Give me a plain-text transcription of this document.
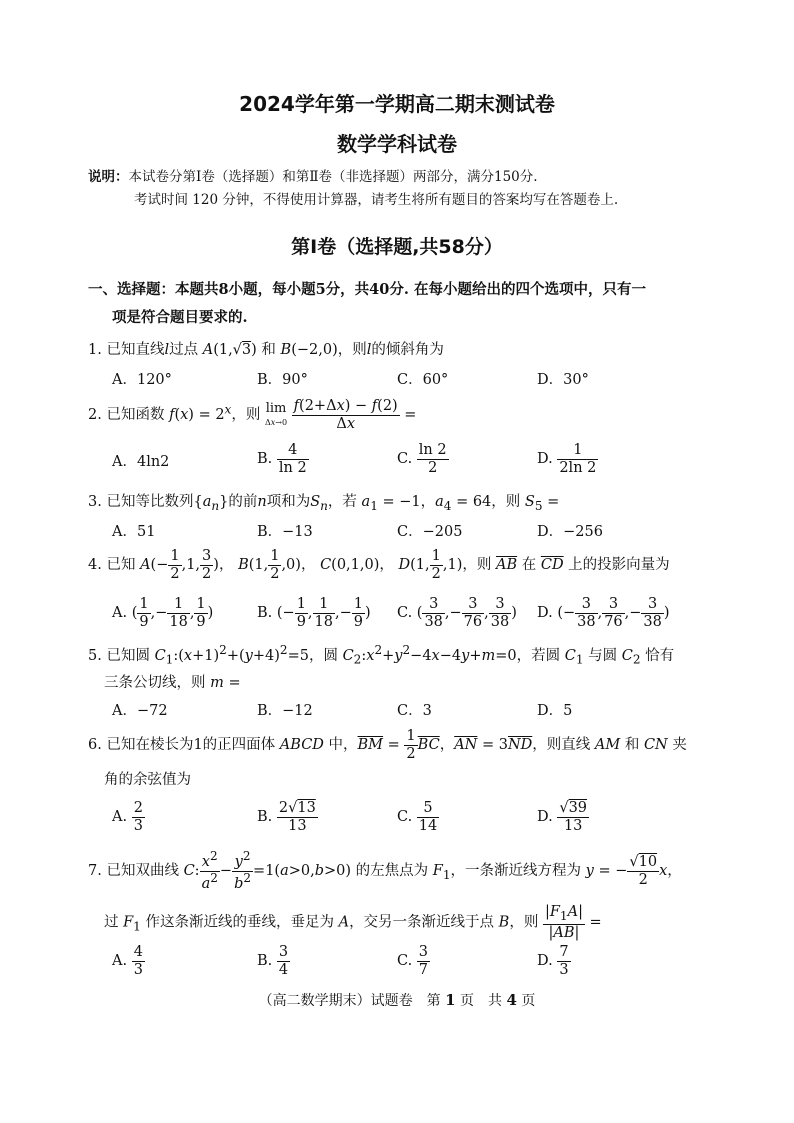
2024学年第一学期高二期末测试卷
数学学科试卷
说明：本试卷分第Ⅰ卷（选择题）和第Ⅱ卷（非选择题）两部分，满分150分.
考试时间 120 分钟，不得使用计算器，请考生将所有题目的答案均写在答题卷上.
第Ⅰ卷（选择题,共58分）
一、选择题：本题共8小题，每小题5分，共40分. 在每小题给出的四个选项中，只有一
项是符合题目要求的.
1. 已知直线l过点 A(1,√3) 和 B(−2,0)，则l的倾斜角为
A．120°	B．90°	C．60°	D．30°
2. 已知函数 $f(x) = 2^x$，则 lim
$\Delta x\to 0 \frac{f(2+\Delta x) - f(2)}{\Delta x}$ =
A．4ln2	B. $\frac{4}{\ln 2}$	C. $\frac{\ln 2}{2}$	D. $\frac{1}{2\ln 2}$
3. 已知等比数列$\{a_n\}$的前n项和为$S_n$，若 $a_1 = -1$，$a_4 = 64$，则 $S_5$ =
A．51	B．−13	C．−205	D．−256
4. 已知 $A(- \frac{1}{2} ,1$, $\frac{3}{2}$ )， B(1, $\frac{1}{2} ,0$)， C(0,1,0)， D(1, $\frac{1}{2} ,1$)，则 $\overline{AB}$ 在 $\overline{CD}$ 上的投影向量为
A. ( $\frac{1}{9}$ ,− $\frac{1}{18}$ , $\frac{1}{9}$ )	B. (− $\frac{1}{9}$ , $\frac{1}{18}$ ,− $\frac{1}{9}$ ) C. ( $\frac{3}{38}$ ,− $\frac{3}{76}$ , $\frac{3}{38}$ ) D. (− $\frac{3}{38}$ , $\frac{3}{76}$ ,− $\frac{3}{38}$ )
5. 已知圆 $C_1:(x+1)^2+(y+4)^2=5$，圆 $C_2:x^2+y^2-4x-4y+m=0$，若圆 $C_1$ 与圆 $C_2$ 恰有
三条公切线，则 m =
A．−72	B．−12	C．3	D．5
6. 已知在棱长为1的正四面体 ABCD 中，$\overline{BM} = \frac{1}{2} \overline{BC}$，$\overline{AN} = 3\overline{ND}$，则直线 AM 和 CN 夹
角的余弦值为
A. $\frac{2}{3}$	B. $\frac{2√13}{13}$	C. $\frac{5}{14}$	D. $\frac{√39}{13}$
7. 已知双曲线 C: $\frac{x^2}{a^2} - \frac{y^2}{b^2} =1(a>0,b>0)$ 的左焦点为 $F_1$，一条渐近线方程为 y = − $\frac{√10}{2}$ x，
过 $F_1$ 作这条渐近线的垂线，垂足为 A，交另一条渐近线于点 B，则 $\frac{|F_1A|}{|AB|}$ =
A. $\frac{4}{3}$	B. $\frac{3}{4}$	C. $\frac{3}{7}$	D. $\frac{7}{3}$
（高二数学期末）试题卷　第 1 页　共 4 页
